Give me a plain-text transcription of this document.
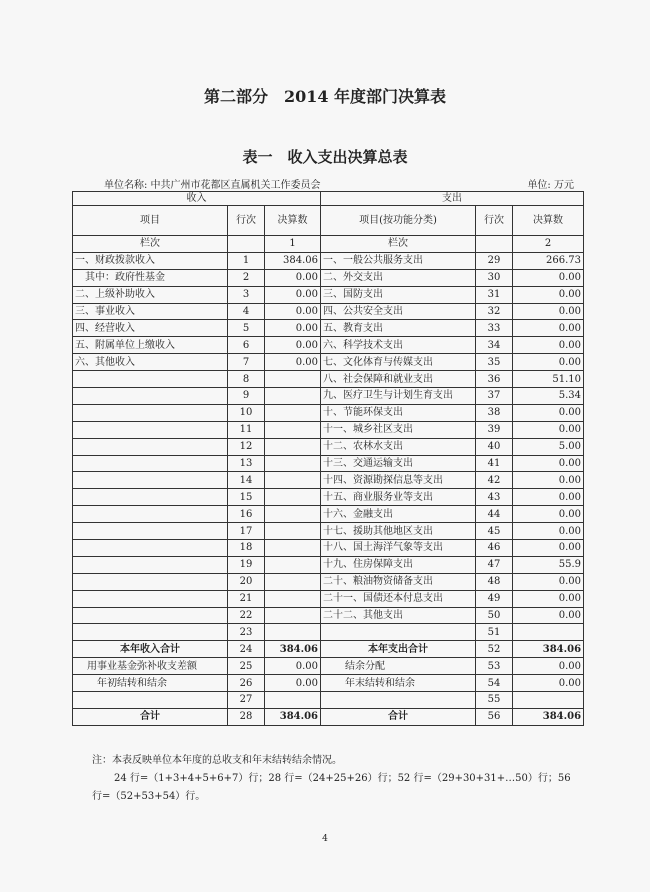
第二部分　2014 年度部门决算表
表一　收入支出决算总表
单位名称: 中共广州市花都区直属机关工作委员会	单位: 万元
收入			支出		
项目	行次	决算数	项目(按功能分类)	行次	决算数
栏次		1	栏次		2
一、财政拨款收入	1	384.06	一、一般公共服务支出	29	266.73
　其中：政府性基金	2	0.00	二、外交支出	30	0.00
二、上级补助收入	3	0.00	三、国防支出	31	0.00
三、事业收入	4	0.00	四、公共安全支出	32	0.00
四、经营收入	5	0.00	五、教育支出	33	0.00
五、附属单位上缴收入	6	0.00	六、科学技术支出	34	0.00
六、其他收入	7	0.00	七、文化体育与传媒支出	35	0.00
	8		八、社会保障和就业支出	36	51.10
	9		九、医疗卫生与计划生育支出	37	5.34
	10		十、节能环保支出	38	0.00
	11		十一、城乡社区支出	39	0.00
	12		十二、农林水支出	40	5.00
	13		十三、交通运输支出	41	0.00
	14		十四、资源勘探信息等支出	42	0.00
	15		十五、商业服务业等支出	43	0.00
	16		十六、金融支出	44	0.00
	17		十七、援助其他地区支出	45	0.00
	18		十八、国土海洋气象等支出	46	0.00
	19		十九、住房保障支出	47	55.9
	20		二十、粮油物资储备支出	48	0.00
	21		二十一、国债还本付息支出	49	0.00
	22		二十二、其他支出	50	0.00
	23			51	
本年收入合计	24	384.06	本年支出合计	52	384.06
用事业基金弥补收支差额	25	0.00	结余分配	53	0.00
年初结转和结余	26	0.00	年末结转和结余	54	0.00
	27			55	
合计	28	384.06	合计	56	384.06
注：本表反映单位本年度的总收支和年末结转结余情况。
24 行=（1+3+4+5+6+7）行；28 行=（24+25+26）行；52 行=（29+30+31+…50）行；56
行=（52+53+54）行。
4
